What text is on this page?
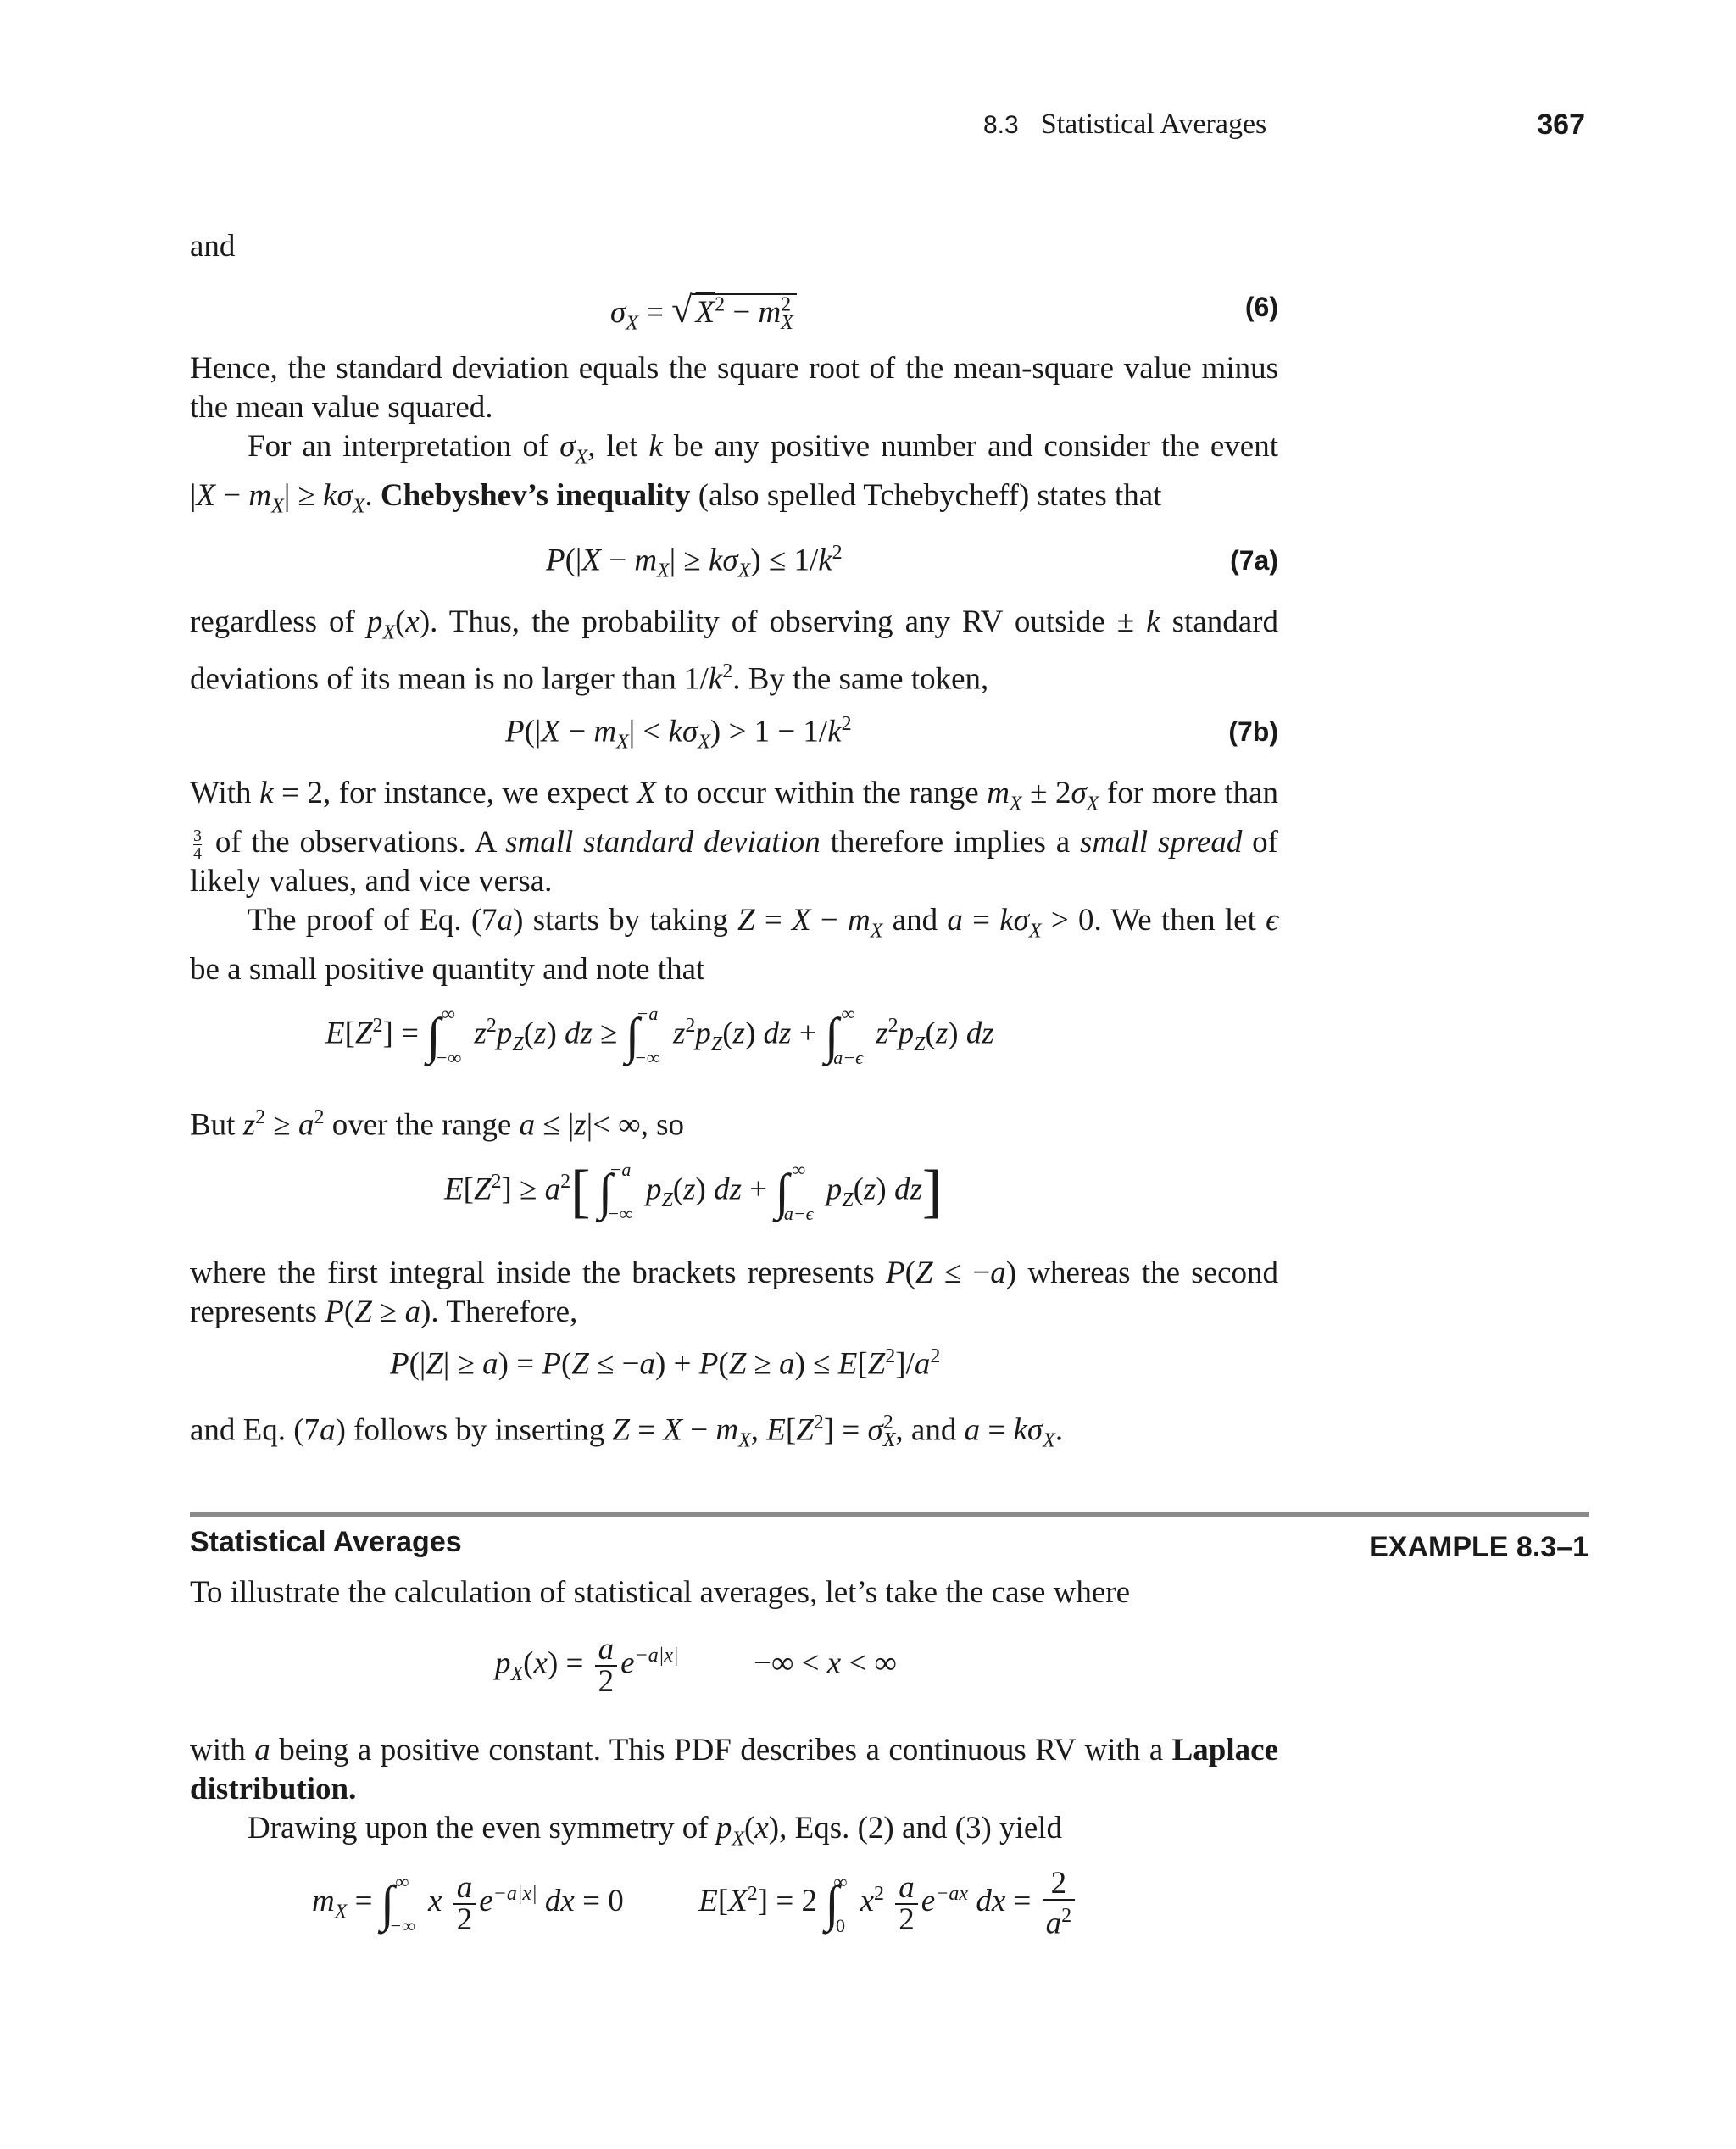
8.3 Statistical Averages	367

and

$\sigma_X$ = √ $X^2 - m^2_X$
(6)

Hence, the standard deviation equals the square root of the mean-square value minus the mean value squared.

For an interpretation of $\sigma_X$, let k be any positive number and consider the event $|X - m_X| \ge k\sigma_X$. Chebyshev’s inequality (also spelled Tchebycheff) states that

$P(|X - m_X| \ge k\sigma_X) \le 1/k^2$	(7a)

regardless of $p_X(x)$. Thus, the probability of observing any RV outside ± k standard deviations of its mean is no larger than $1/k^2$. By the same token,

$P(|X - m_X| < k\sigma_X) > 1 - 1/k^2$	(7b)

With k = 2, for instance, we expect X to occur within the range $m_X \pm 2\sigma_X$ for more than
$\frac{3}{4}$ of the observations. A small standard deviation therefore implies a small spread of likely values, and vice versa.

The proof of Eq. (7a) starts by taking $Z = X - m_X$ and $a = k\sigma_X > 0$. We then let ϵ be a small positive quantity and note that

$E[Z^2]$ = ∫∞

−∞ $z^2p_Z(z)$ dz ≥ ∫−a

−∞ $z^2p_Z(z)$ dz + ∫ ∞

a−ϵ $z^2p_Z(z)$ dz

But $z^2 \ge a^2$ over the range a ≤ |z|< ∞, so

$E[Z^2] \ge a^2$[ ∫−a

−∞ $p_Z(z)$ dz + ∫ ∞

a−ϵ $p_Z(z)$ dz]

where the first integral inside the brackets represents P(Z ≤ −a) whereas the second represents P(Z ≥ a). Therefore,

$P(|Z| \ge a) = P(Z \le -a) + P(Z \ge a) \le E[Z^2]/a^2$

and Eq. (7a) follows by inserting $Z = X - m_X$, $E[Z^2] = \sigma^2_X$, and $a = k\sigma_X$.

Statistical Averages	EXAMPLE 8.3–1

To illustrate the calculation of statistical averages, let’s take the case where

$p_X(x) = \frac{a}{2} e^{-a|x|}$ −∞ < x < ∞

with a being a positive constant. This PDF describes a continuous RV with a Laplace distribution.

Drawing upon the even symmetry of $p_X(x)$, Eqs. (2) and (3) yield

$m_X$ = ∫∞

−∞ x $\frac{a}{2} e^{-a|x|}$ dx = 0  $E[X^2] = 2$ ∫∞

0 $x^2 \frac{a}{2} e^{-ax}$ dx = $\frac{2}{a^2}$
